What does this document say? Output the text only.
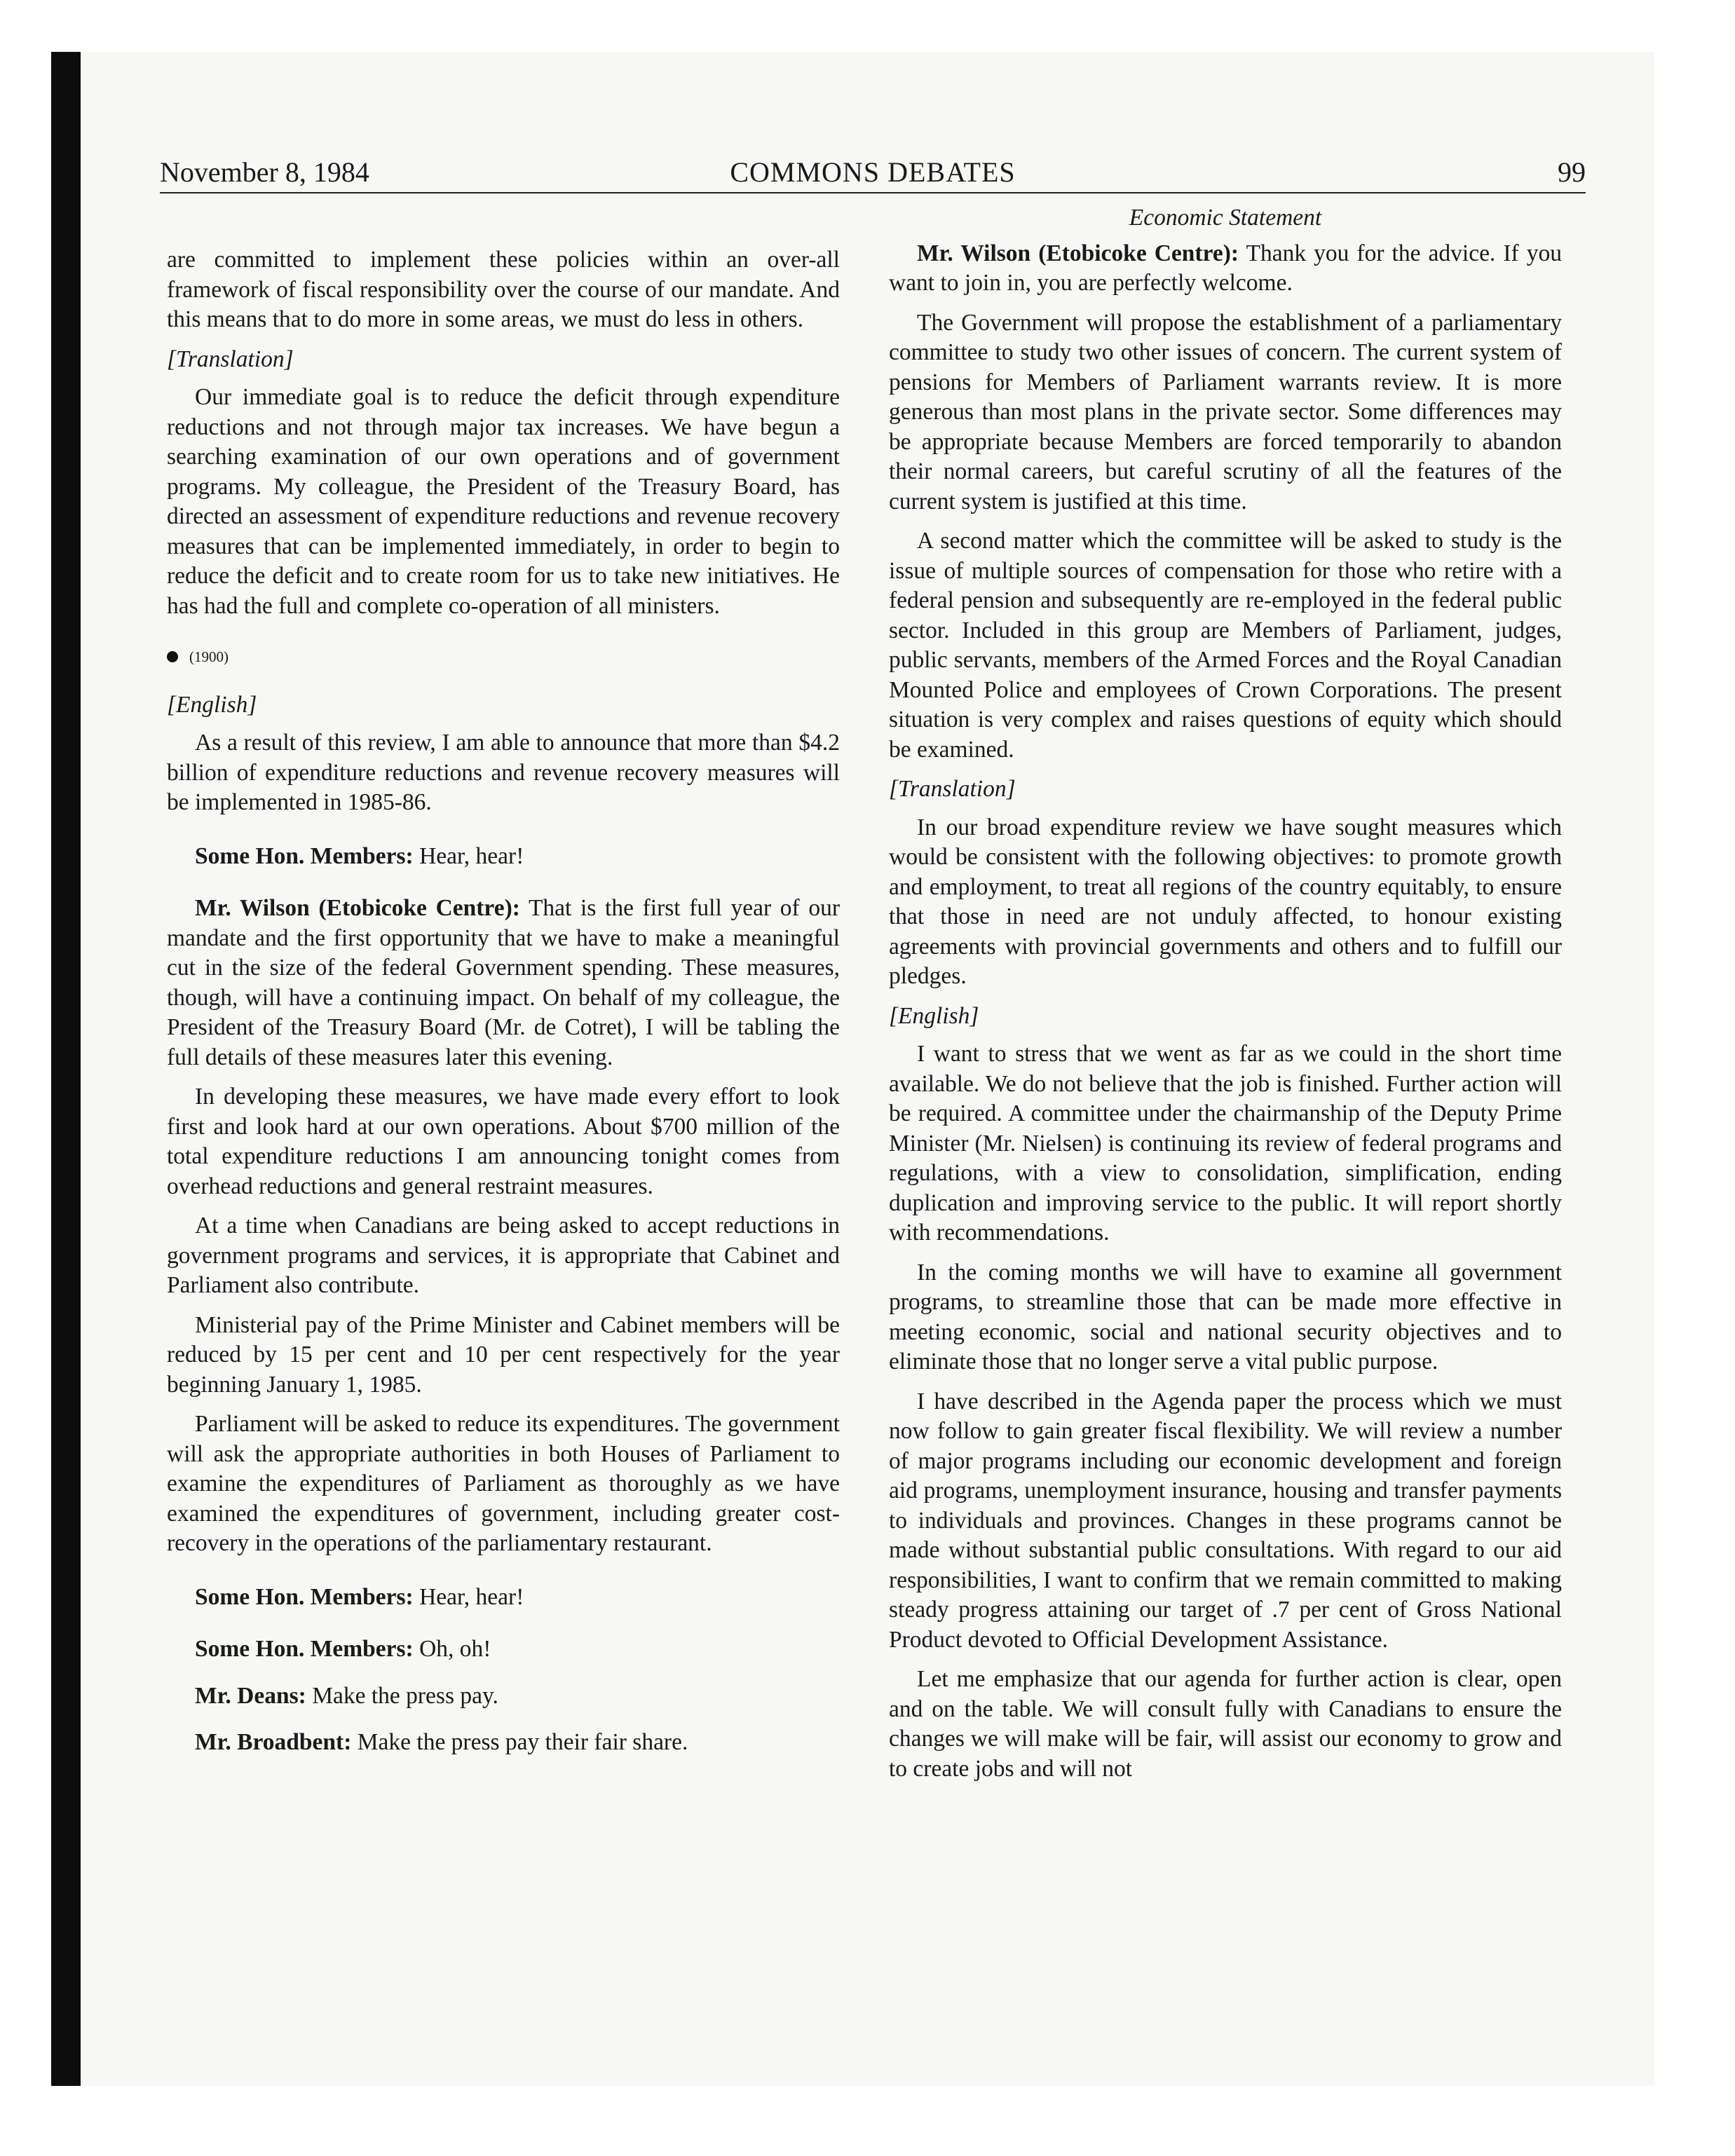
November 8, 1984	COMMONS DEBATES	99

are committed to implement these policies within an over-all framework of fiscal responsibility over the course of our mandate. And this means that to do more in some areas, we must do less in others.

[Translation]

Our immediate goal is to reduce the deficit through expenditure reductions and not through major tax increases. We have begun a searching examination of our own operations and of government programs. My colleague, the President of the Treasury Board, has directed an assessment of expenditure reductions and revenue recovery measures that can be implemented immediately, in order to begin to reduce the deficit and to create room for us to take new initiatives. He has had the full and complete co-operation of all ministers.

(1900)

[English]

As a result of this review, I am able to announce that more than $4.2 billion of expenditure reductions and revenue recovery measures will be implemented in 1985-86.

Some Hon. Members: Hear, hear!

Mr. Wilson (Etobicoke Centre): That is the first full year of our mandate and the first opportunity that we have to make a meaningful cut in the size of the federal Government spending. These measures, though, will have a continuing impact. On behalf of my colleague, the President of the Treasury Board (Mr. de Cotret), I will be tabling the full details of these measures later this evening.

In developing these measures, we have made every effort to look first and look hard at our own operations. About $700 million of the total expenditure reductions I am announcing tonight comes from overhead reductions and general restraint measures.

At a time when Canadians are being asked to accept reductions in government programs and services, it is appropriate that Cabinet and Parliament also contribute.

Ministerial pay of the Prime Minister and Cabinet members will be reduced by 15 per cent and 10 per cent respectively for the year beginning January 1, 1985.

Parliament will be asked to reduce its expenditures. The government will ask the appropriate authorities in both Houses of Parliament to examine the expenditures of Parliament as thoroughly as we have examined the expenditures of government, including greater cost-recovery in the operations of the parliamentary restaurant.

Some Hon. Members: Hear, hear!

Some Hon. Members: Oh, oh!

Mr. Deans: Make the press pay.

Mr. Broadbent: Make the press pay their fair share.

Economic Statement

Mr. Wilson (Etobicoke Centre): Thank you for the advice. If you want to join in, you are perfectly welcome.

The Government will propose the establishment of a parliamentary committee to study two other issues of concern. The current system of pensions for Members of Parliament warrants review. It is more generous than most plans in the private sector. Some differences may be appropriate because Members are forced temporarily to abandon their normal careers, but careful scrutiny of all the features of the current system is justified at this time.

A second matter which the committee will be asked to study is the issue of multiple sources of compensation for those who retire with a federal pension and subsequently are re-employed in the federal public sector. Included in this group are Members of Parliament, judges, public servants, members of the Armed Forces and the Royal Canadian Mounted Police and employees of Crown Corporations. The present situation is very complex and raises questions of equity which should be examined.

[Translation]

In our broad expenditure review we have sought measures which would be consistent with the following objectives: to promote growth and employment, to treat all regions of the country equitably, to ensure that those in need are not unduly affected, to honour existing agreements with provincial governments and others and to fulfill our pledges.

[English]

I want to stress that we went as far as we could in the short time available. We do not believe that the job is finished. Further action will be required. A committee under the chairmanship of the Deputy Prime Minister (Mr. Nielsen) is continuing its review of federal programs and regulations, with a view to consolidation, simplification, ending duplication and improving service to the public. It will report shortly with recommendations.

In the coming months we will have to examine all government programs, to streamline those that can be made more effective in meeting economic, social and national security objectives and to eliminate those that no longer serve a vital public purpose.

I have described in the Agenda paper the process which we must now follow to gain greater fiscal flexibility. We will review a number of major programs including our economic development and foreign aid programs, unemployment insurance, housing and transfer payments to individuals and provinces. Changes in these programs cannot be made without substantial public consultations. With regard to our aid responsibilities, I want to confirm that we remain committed to making steady progress attaining our target of .7 per cent of Gross National Product devoted to Official Development Assistance.

Let me emphasize that our agenda for further action is clear, open and on the table. We will consult fully with Canadians to ensure the changes we will make will be fair, will assist our economy to grow and to create jobs and will not
